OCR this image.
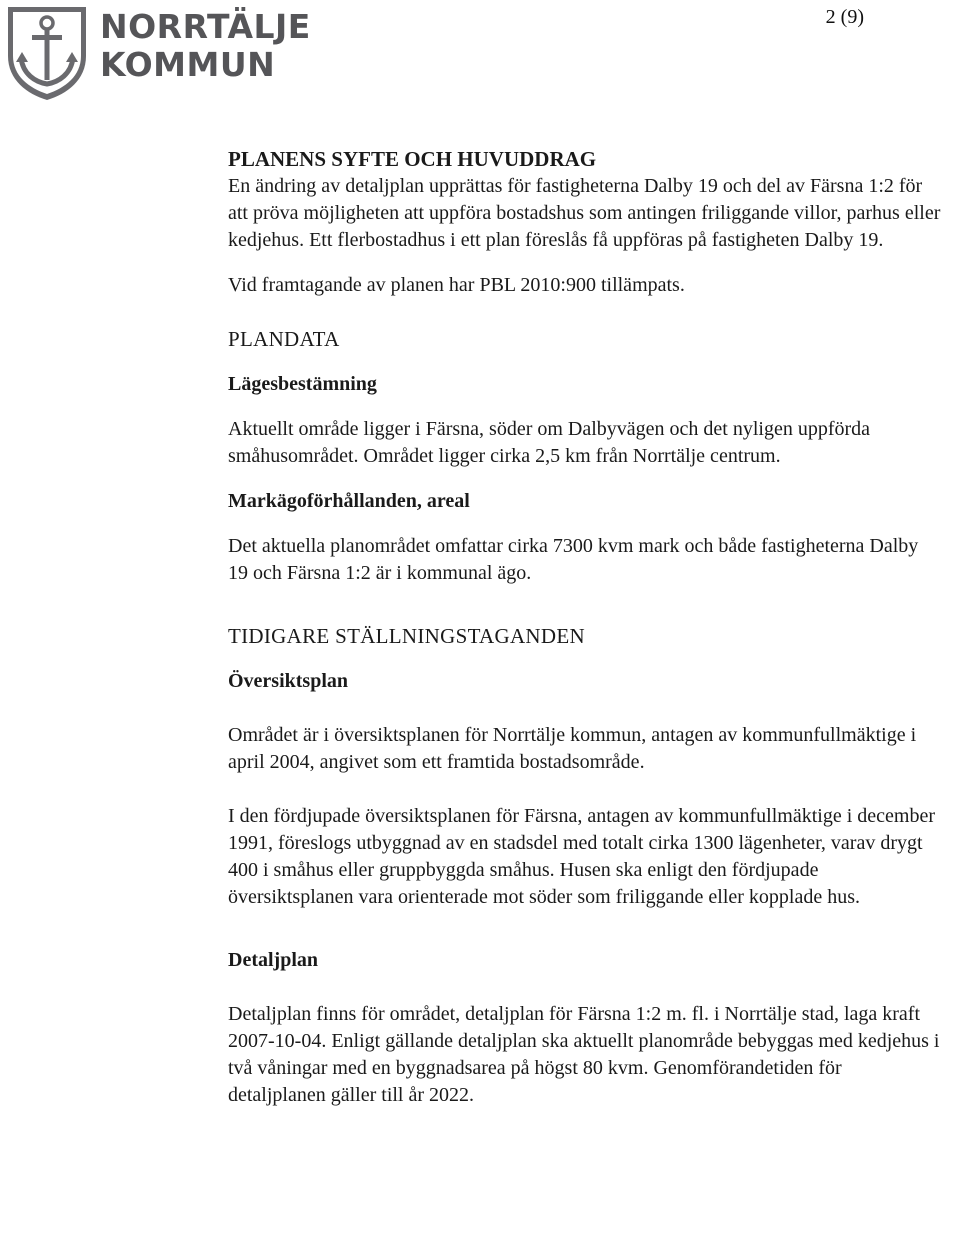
2 (9)
NORRTÄLJE
KOMMUN

PLANENS SYFTE OCH HUVUDDRAG

En ändring av detaljplan upprättas för fastigheterna Dalby 19 och del av Färsna 1:2 för att pröva möjligheten att uppföra bostadshus som antingen friliggande villor, parhus eller kedjehus. Ett flerbostadhus i ett plan föreslås få uppföras på fastigheten Dalby 19.

Vid framtagande av planen har PBL 2010:900 tillämpats.

PLANDATA

Lägesbestämning

Aktuellt område ligger i Färsna, söder om Dalbyvägen och det nyligen uppförda småhusområdet. Området ligger cirka 2,5 km från Norrtälje centrum.

Markägoförhållanden, areal

Det aktuella planområdet omfattar cirka 7300 kvm mark och både fastigheterna Dalby 19 och Färsna 1:2 är i kommunal ägo.

TIDIGARE STÄLLNINGSTAGANDEN

Översiktsplan

Området är i översiktsplanen för Norrtälje kommun, antagen av kommunfullmäktige i april 2004, angivet som ett framtida bostadsområde.

I den fördjupade översiktsplanen för Färsna, antagen av kommunfullmäktige i december 1991, föreslogs utbyggnad av en stadsdel med totalt cirka 1300 lägenheter, varav drygt 400 i småhus eller gruppbyggda småhus. Husen ska enligt den fördjupade översiktsplanen vara orienterade mot söder som friliggande eller kopplade hus.

Detaljplan

Detaljplan finns för området, detaljplan för Färsna 1:2 m. fl. i Norrtälje stad, laga kraft 2007-10-04. Enligt gällande detaljplan ska aktuellt planområde bebyggas med kedjehus i två våningar med en byggnadsarea på högst 80 kvm. Genomförandetiden för detaljplanen gäller till år 2022.
